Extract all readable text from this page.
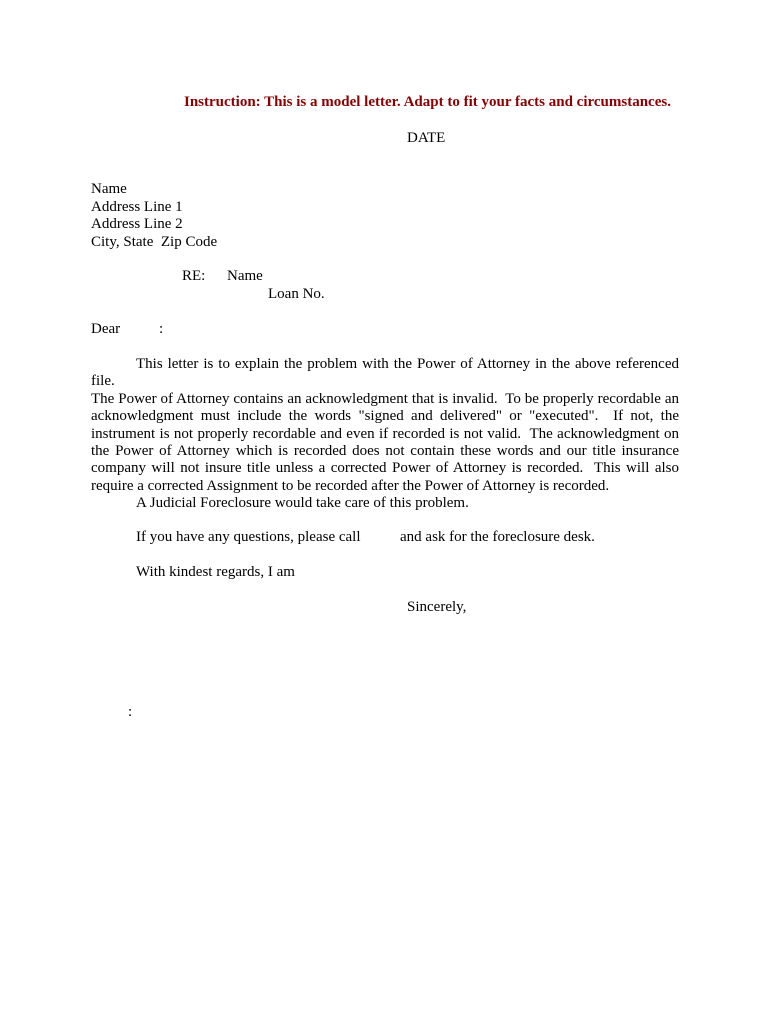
Instruction: This is a model letter. Adapt to fit your facts and circumstances.
DATE
Name
Address Line 1
Address Line 2
City, State  Zip Code
RE: Name
Loan No.
Dear	:
This letter is to explain the problem with the Power of Attorney in the above referenced file.
The Power of Attorney contains an acknowledgment that is invalid.  To be properly recordable an
acknowledgment must include the words "signed and delivered" or "executed".  If not, the
instrument is not properly recordable and even if recorded is not valid.  The acknowledgment on
the Power of Attorney which is recorded does not contain these words and our title insurance
company will not insure title unless a corrected Power of Attorney is recorded.  This will also
require a corrected Assignment to be recorded after the Power of Attorney is recorded.
A Judicial Foreclosure would take care of this problem.
If you have any questions, please call	and ask for the foreclosure desk.
With kindest regards, I am
Sincerely,
:
